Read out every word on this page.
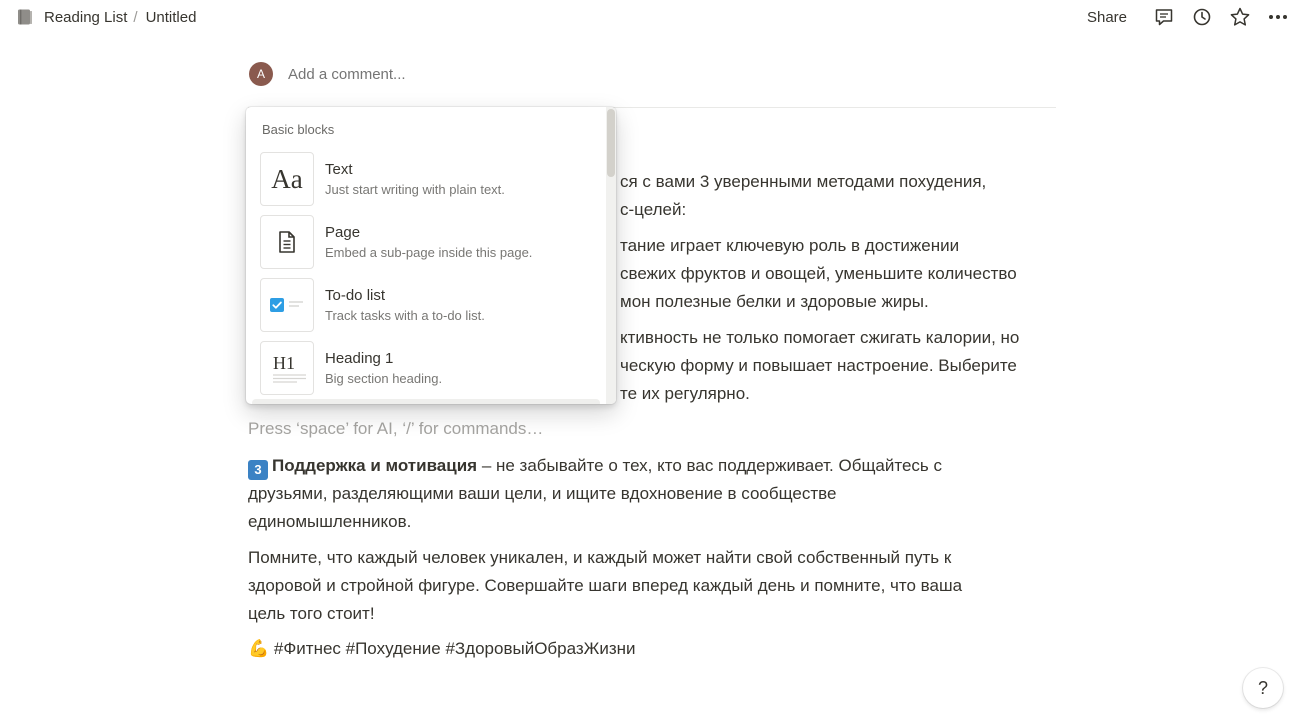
Reading List / Untitled	Share
A
Add a comment...

ся с вами 3 уверенными методами похудения,

с-целей:

тание играет ключевую роль в достижении

свежих фруктов и овощей, уменьшите количество

мон полезные белки и здоровые жиры.

ктивность не только помогает сжигать калории, но

ческую форму и повышает настроение. Выберите

те их регулярно.

Press ‘space’ for AI, ‘/’ for commands…

3 Поддержка и мотивация – не забывайте о тех, кто вас поддерживает. Общайтесь с

друзьями, разделяющими ваши цели, и ищите вдохновение в сообществе

единомышленников.

Помните, что каждый человек уникален, и каждый может найти свой собственный путь к

здоровой и стройной фигуре. Совершайте шаги вперед каждый день и помните, что ваша

цель того стоит!

💪 #Фитнес #Похудение #ЗдоровыйОбразЖизни

Basic blocks
Aa Text
Just start writing with plain text.
Page
Embed a sub-page inside this page.
To-do list
Track tasks with a to-do list.
H1 Heading 1
Big section heading.
?
